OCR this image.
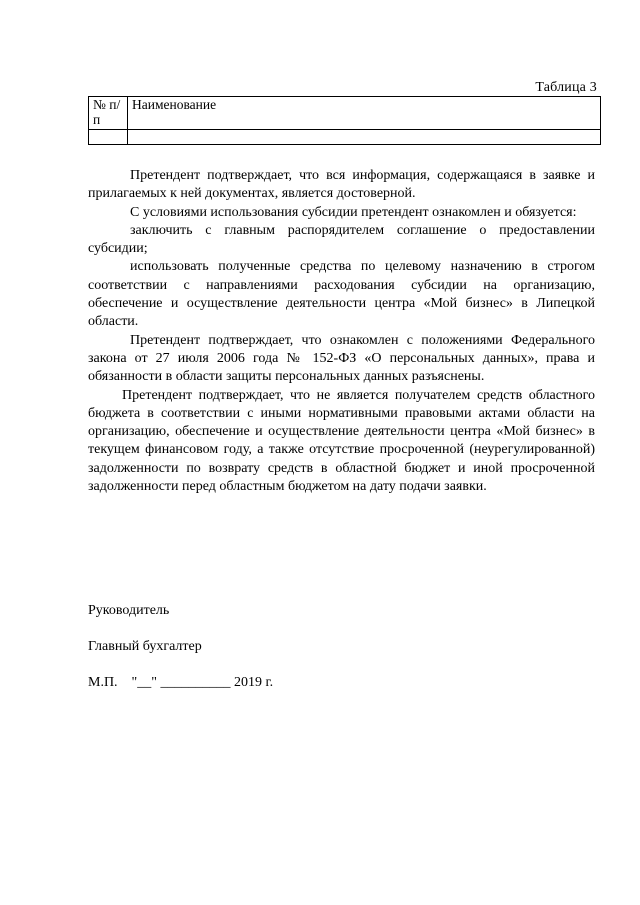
Таблица 3
№ п/п	Наименование

Претендент подтверждает, что вся информация, содержащаяся в заявке и прилагаемых к ней документах, является достоверной.

С условиями использования субсидии претендент ознакомлен и обязуется:

заключить с главным распорядителем соглашение о предоставлении субсидии;

использовать полученные средства по целевому назначению в строгом соответствии с направлениями расходования субсидии на организацию, обеспечение и осуществление деятельности центра «Мой бизнес» в Липецкой области.

Претендент подтверждает, что ознакомлен с положениями Федерального закона от 27 июля 2006 года № 152-ФЗ «О персональных данных», права и обязанности в области защиты персональных данных разъяснены.

Претендент подтверждает, что не является получателем средств областного бюджета в соответствии с иными нормативными правовыми актами области на организацию, обеспечение и осуществление деятельности центра «Мой бизнес» в текущем финансовом году, а также отсутствие просроченной (неурегулированной) задолженности по возврату средств в областной бюджет и иной просроченной задолженности перед областным бюджетом на дату подачи заявки.

Руководитель
Главный бухгалтер
М.П.    "__" __________ 2019 г.
